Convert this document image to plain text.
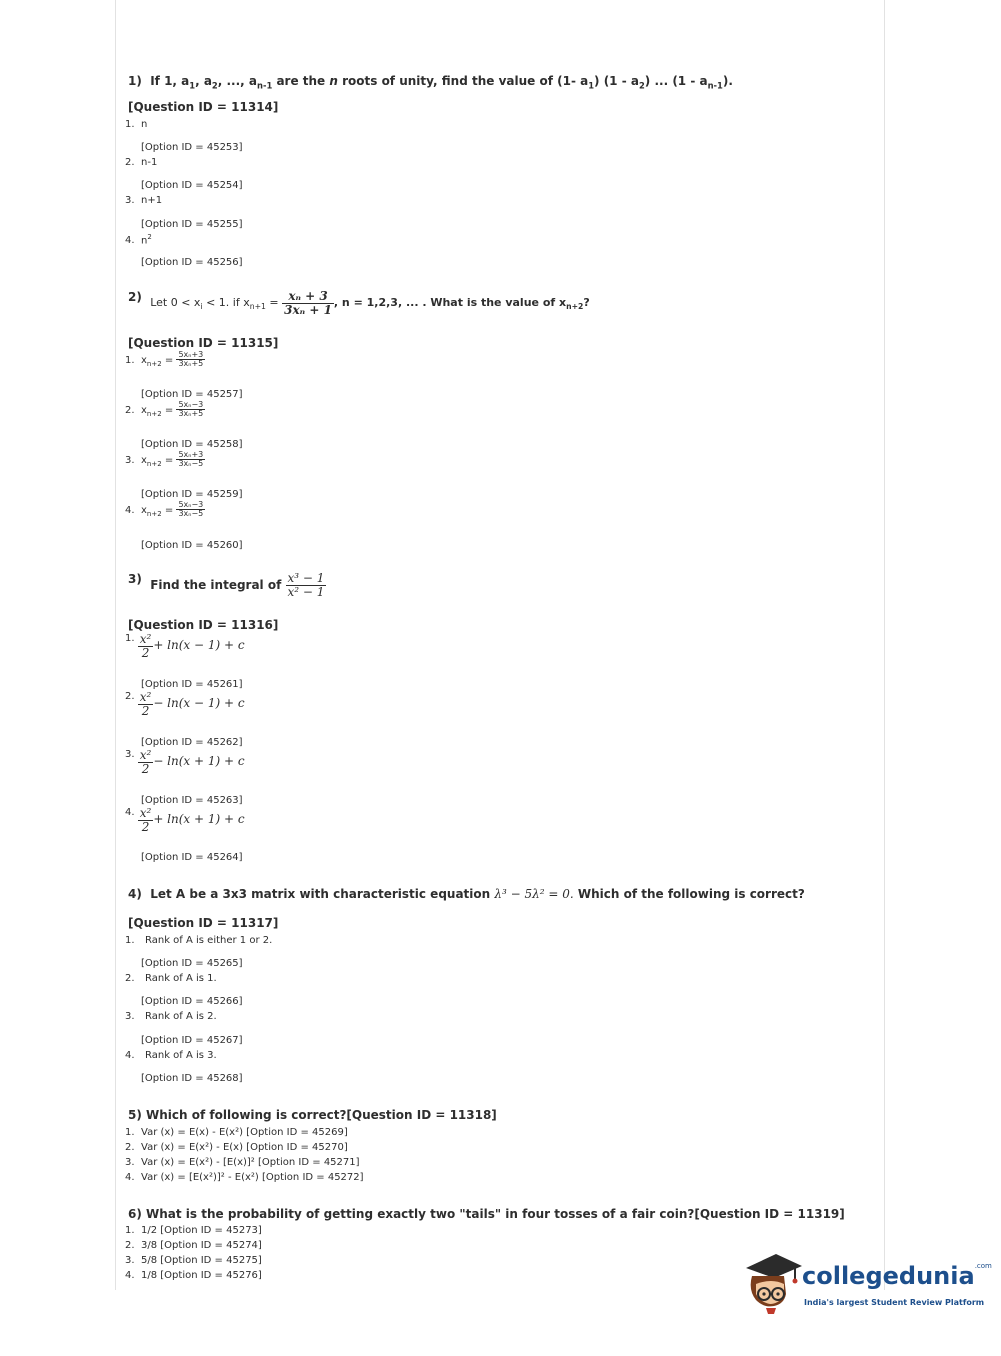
1) If 1, $a_1$, $a_2$, ..., $a_{n-1}$ are the n roots of unity, find the value of (1- $a_1$) $(1 - a_2)$ ... $(1 - a_{n-1})$.
[Question ID = 11314]
1. n
[Option ID = 45253]
2. n-1
[Option ID = 45254]
3. n+1
[Option ID = 45255]
4. $n^2$
[Option ID = 45256]
2) Let $0 < x_i < 1$. if $x_{n+1} = \frac{\text{xₙ + 3}}{\text{3xₙ + 1}}$ , n = 1,2,3, ... . What is the value of $x_{n+2}$?
[Question ID = 11315]
1. $x_{n+2} = \frac{\text{5xₙ+3}}{\text{3xₙ+5}}$
[Option ID = 45257]
2. $x_{n+2} = \frac{\text{5xₙ−3}}{\text{3xₙ+5}}$
[Option ID = 45258]
3. $x_{n+2} = \frac{\text{5xₙ+3}}{\text{3xₙ−5}}$
[Option ID = 45259]
4. $x_{n+2} = \frac{\text{5xₙ−3}}{\text{3xₙ−5}}$
[Option ID = 45260]
3) Find the integral of $\frac{\text{x³ − 1}}{\text{x² − 1}}$
[Question ID = 11316]
1. $\frac{\text{x²}}{2} + \ln(x - 1) + c$
[Option ID = 45261]
2. $\frac{\text{x²}}{2} - \ln(x - 1) + c$
[Option ID = 45262]
3. $\frac{\text{x²}}{2} - \ln(x + 1) + c$
[Option ID = 45263]
4. $\frac{\text{x²}}{2} + \ln(x + 1) + c$
[Option ID = 45264]
4) Let A be a 3x3 matrix with characteristic equation λ³ − 5λ² = 0. Which of the following is correct?
[Question ID = 11317]
1. Rank of A is either 1 or 2.
[Option ID = 45265]
2. Rank of A is 1.
[Option ID = 45266]
3. Rank of A is 2.
[Option ID = 45267]
4. Rank of A is 3.
[Option ID = 45268]
5) Which of following is correct?[Question ID = 11318]
1. Var (x) = E(x) - E(x²) [Option ID = 45269]
2. Var (x) = E(x²) - E(x) [Option ID = 45270]
3. Var (x) = E(x²) - [E(x)]² [Option ID = 45271]
4. Var (x) = [E(x²)]² - E(x²) [Option ID = 45272]
6) What is the probability of getting exactly two "tails" in four tosses of a fair coin?[Question ID = 11319]
1. 1/2 [Option ID = 45273]
2. 3/8 [Option ID = 45274]
3. 5/8 [Option ID = 45275]
4. 1/8 [Option ID = 45276]	collegedunia$^{.com}$
India's largest Student Review Platform
